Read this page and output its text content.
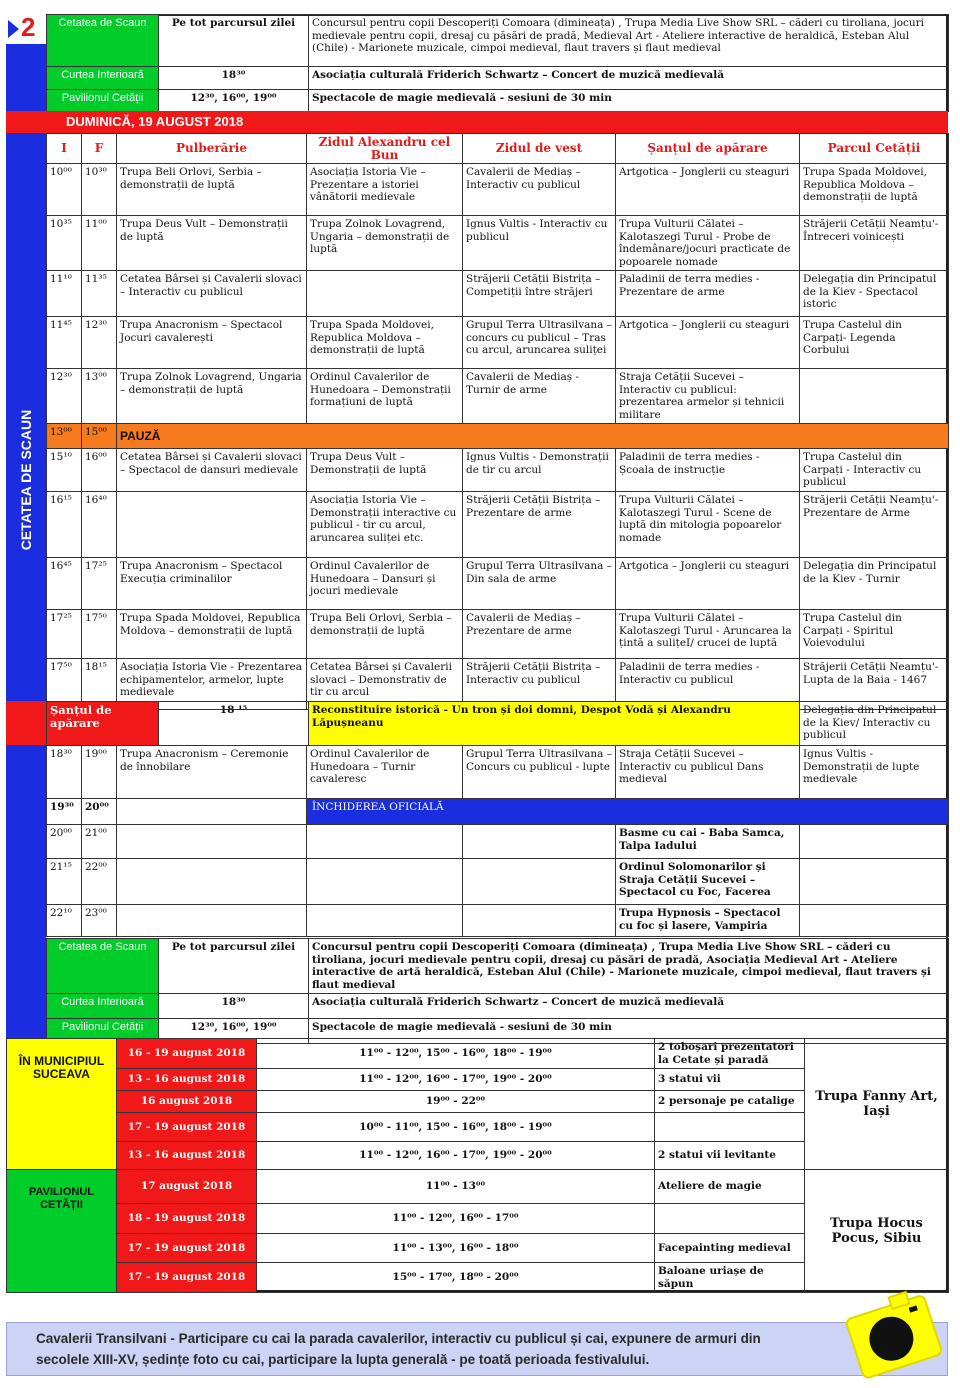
CETATEA DE SCAUN
2 Cetatea de Scaun	Pe tot parcursul zilei	Concursul pentru copii Descoperiți Comoara (dimineața) , Trupa Media Live Show SRL – căderi cu tiroliana, jocuri medievale pentru copii, dresaj cu păsări de pradă, Medieval Art - Ateliere interactive de heraldică, Esteban Alul (Chile) - Marionete muzicale, cimpoi medieval, flaut travers și flaut medieval
Curtea Interioară	18³⁰	Asociația culturală Friderich Schwartz – Concert de muzică medievală
Pavilionul Cetății	12³⁰, 16⁰⁰, 19⁰⁰	Spectacole de magie medievală - sesiuni de 30 min
DUMINICĂ, 19 AUGUST 2018
I	F	Pulberărie	Zidul Alexandru cel Bun	Zidul de vest	Șanțul de apărare	Parcul Cetății
10⁰⁰	10³⁰	Trupa Beli Orlovi, Serbia – demonstrații de luptă	Asociația Istoria Vie – Prezentare a istoriei vânătorii medievale	Cavalerii de Mediaș – Interactiv cu publicul	Artgotica – Jonglerii cu steaguri	Trupa Spada Moldovei, Republica Moldova – demonstrații de luptă
10³⁵	11⁰⁰	Trupa Deus Vult – Demonstrații de luptă	Trupa Zolnok Lovagrend, Ungaria – demonstrații de luptă	Ignus Vultis - Interactiv cu publicul	Trupa Vulturii Călatei – Kalotaszegi Turul - Probe de îndemânare/jocuri practicate de popoarele nomade	Străjerii Cetății Neamțu'- Întreceri voinicești
11¹⁰	11³⁵	Cetatea Bârsei și Cavalerii slovaci – Interactiv cu publicul		Străjerii Cetății Bistrița – Competiții între străjeri	Paladinii de terra medies - Prezentare de arme	Delegația din Principatul de la Kiev - Spectacol istoric
11⁴⁵	12³⁰	Trupa Anacronism – Spectacol Jocuri cavalerești	Trupa Spada Moldovei, Republica Moldova – demonstrații de luptă	Grupul Terra Ultrasilvana – concurs cu publicul – Tras cu arcul, aruncarea suliței	Artgotica – Jonglerii cu steaguri	Trupa Castelul din Carpați- Legenda Corbului
12³⁰	13⁰⁰	Trupa Zolnok Lovagrend, Ungaria – demonstrații de luptă	Ordinul Cavalerilor de Hunedoara – Demonstrații formațiuni de luptă	Cavalerii de Mediaș - Turnir de arme	Straja Cetății Sucevei – Interactiv cu publicul: prezentarea armelor și tehnicii militare	
13⁰⁰	15⁰⁰	PAUZĂ				
15¹⁰	16⁰⁰	Cetatea Bârsei și Cavalerii slovaci – Spectacol de dansuri medievale	Trupa Deus Vult – Demonstrații de luptă	Ignus Vultis - Demonstrații de tir cu arcul	Paladinii de terra medies - Școala de instrucție	Trupa Castelul din Carpați - Interactiv cu publicul
16¹⁵	16⁴⁰		Asociația Istoria Vie –Demonstrații interactive cu publicul - tir cu arcul, aruncarea suliței etc.	Străjerii Cetății Bistrița – Prezentare de arme	Trupa Vulturii Călatei – Kalotaszegi Turul - Scene de luptă din mitologia popoarelor nomade	Străjerii Cetății Neamțu'- Prezentare de Arme
16⁴⁵	17²⁵	Trupa Anacronism – Spectacol Execuția criminalilor	Ordinul Cavalerilor de Hunedoara – Dansuri și jocuri medievale	Grupul Terra Ultrasilvana – Din sala de arme	Artgotica – Jonglerii cu steaguri	Delegația din Principatul de la Kiev - Turnir
17²⁵	17⁵⁰	Trupa Spada Moldovei, Republica Moldova – demonstrații de luptă	Trupa Beli Orlovi, Serbia – demonstrații de luptă	Cavalerii de Mediaș – Prezentare de arme	Trupa Vulturii Călatei – Kalotaszegi Turul - Aruncarea la țintă a sulițeI/ crucei de luptă	Trupa Castelul din Carpați - Spiritul Voievodului
17⁵⁰	18¹⁵	Asociația Istoria Vie - Prezentarea echipamentelor, armelor, lupte medievale	Cetatea Bârsei și Cavalerii slovaci – Demonstrativ de tir cu arcul	Străjerii Cetății Bistrița – Interactiv cu publicul	Paladinii de terra medies - Interactiv cu publicul	Străjerii Cetății Neamțu'- Lupta de la Baia - 1467
Șanțul de apărare	18 ¹⁵	Reconstituire istorică - Un tron și doi domni, Despot Vodă și Alexandru Lăpușneanu	Delegația din Principatul de la Kiev/ Interactiv cu publicul
18³⁰	19⁰⁰	Trupa Anacronism – Ceremonie de înnobilare	Ordinul Cavalerilor de Hunedoara – Turnir cavaleresc	Grupul Terra Ultrasilvana – Concurs cu publicul - lupte	Straja Cetății Sucevei – Interactiv cu publicul Dans medieval	Ignus Vultis - Demonstrații de lupte medievale
19³⁰	20⁰⁰		ÎNCHIDEREA OFICIALĂ			

20⁰⁰	21⁰⁰				Basme cu cai - Baba Samca, Talpa Iadului	
21¹⁵	22⁰⁰				Ordinul Solomonarilor și Straja Cetății Sucevei – Spectacol cu Foc, Facerea	
22¹⁰	23⁰⁰				Trupa Hypnosis – Spectacol cu foc și lasere, Vampiria	
Cetatea de Scaun	Pe tot parcursul zilei	Concursul pentru copii Descoperiți Comoara (dimineața) , Trupa Media Live Show SRL – căderi cu tiroliana, jocuri medievale pentru copii, dresaj cu păsări de pradă, Asociația Medieval Art - Ateliere interactive de artă heraldică, Esteban Alul (Chile) - Marionete muzicale, cimpoi medieval, flaut travers și flaut medieval
Curtea Interioară	18³⁰	Asociația culturală Friderich Schwartz – Concert de muzică medievală
Pavilionul Cetății	12³⁰, 16⁰⁰, 19⁰⁰	Spectacole de magie medievală - sesiuni de 30 min
ÎN MUNICIPIUL SUCEAVA	16 - 19 august 2018	11⁰⁰ - 12⁰⁰, 15⁰⁰ - 16⁰⁰, 18⁰⁰ - 19⁰⁰	2 toboșari prezentatori la Cetate și paradă	Trupa Fanny Art, Iași
	13 - 16 august 2018	11⁰⁰ - 12⁰⁰, 16⁰⁰ - 17⁰⁰, 19⁰⁰ - 20⁰⁰	3 statui vii	
	16 august 2018	19⁰⁰ - 22⁰⁰	2 personaje pe catalige	
	17 - 19 august 2018	10⁰⁰ - 11⁰⁰, 15⁰⁰ - 16⁰⁰, 18⁰⁰ - 19⁰⁰		
	13 - 16 august 2018	11⁰⁰ - 12⁰⁰, 16⁰⁰ - 17⁰⁰, 19⁰⁰ - 20⁰⁰	2 statui vii levitante	
PAVILIONUL CETĂȚII	17 august 2018	11⁰⁰ - 13⁰⁰	Ateliere de magie	Trupa Hocus Pocus, Sibiu
	18 - 19 august 2018	11⁰⁰ - 12⁰⁰, 16⁰⁰ - 17⁰⁰		
	17 - 19 august 2018	11⁰⁰ - 13⁰⁰, 16⁰⁰ - 18⁰⁰	Facepainting medieval	
	17 - 19 august 2018	15⁰⁰ - 17⁰⁰, 18⁰⁰ - 20⁰⁰	Baloane uriașe de săpun	
Cavalerii Transilvani - Participare cu cai la parada cavalerilor, interactiv cu publicul și cai, expunere de armuri din secolele XIII-XV, ședințe foto cu cai, participare la lupta generală - pe toată perioada festivalului.
